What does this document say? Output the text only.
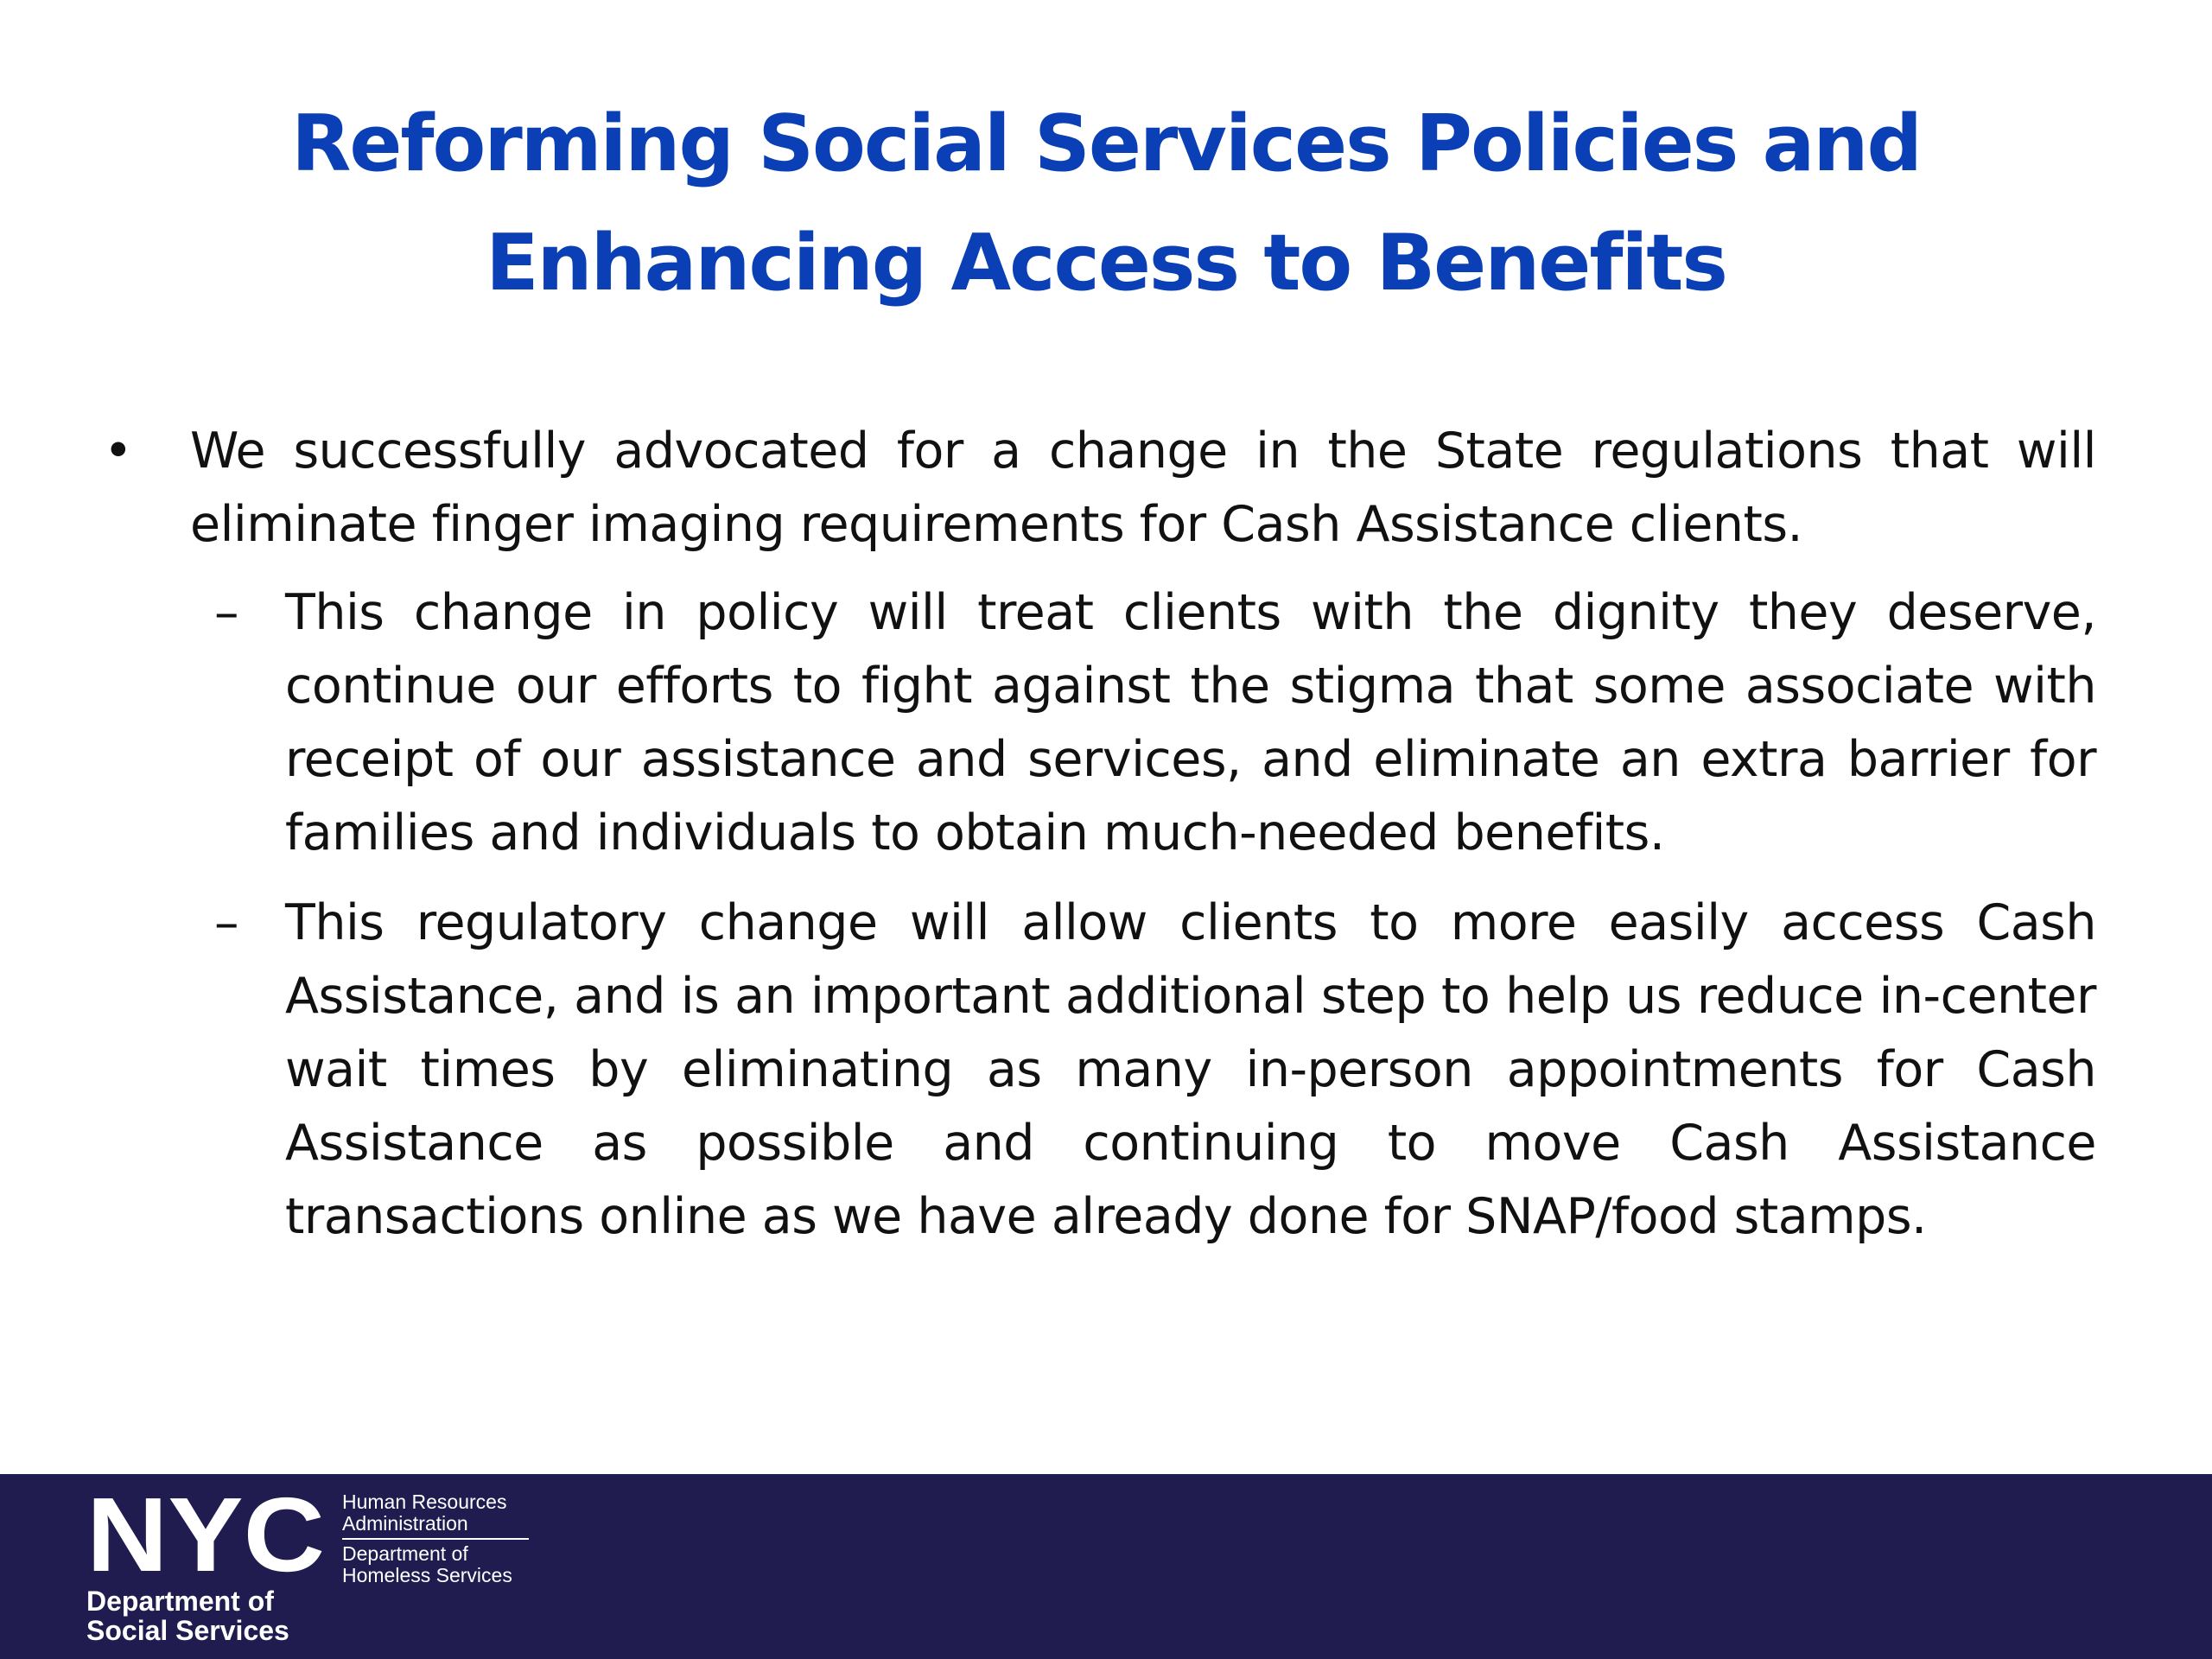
Reforming Social Services Policies and
Enhancing Access to Benefits
• We successfully advocated for a change in the State regulations that will eliminate finger imaging requirements for Cash Assistance clients.
– This change in policy will treat clients with the dignity they deserve, continue our efforts to fight against the stigma that some associate with receipt of our assistance and services, and eliminate an extra barrier for families and individuals to obtain much-needed benefits.
– This regulatory change will allow clients to more easily access Cash Assistance, and is an important additional step to help us reduce in-center wait times by eliminating as many in-person appointments for Cash Assistance as possible and continuing to move Cash Assistance transactions online as we have already done for SNAP/food stamps.
NYC
Department of
Social Services
Human Resources
Administration
Department of
Homeless Services
